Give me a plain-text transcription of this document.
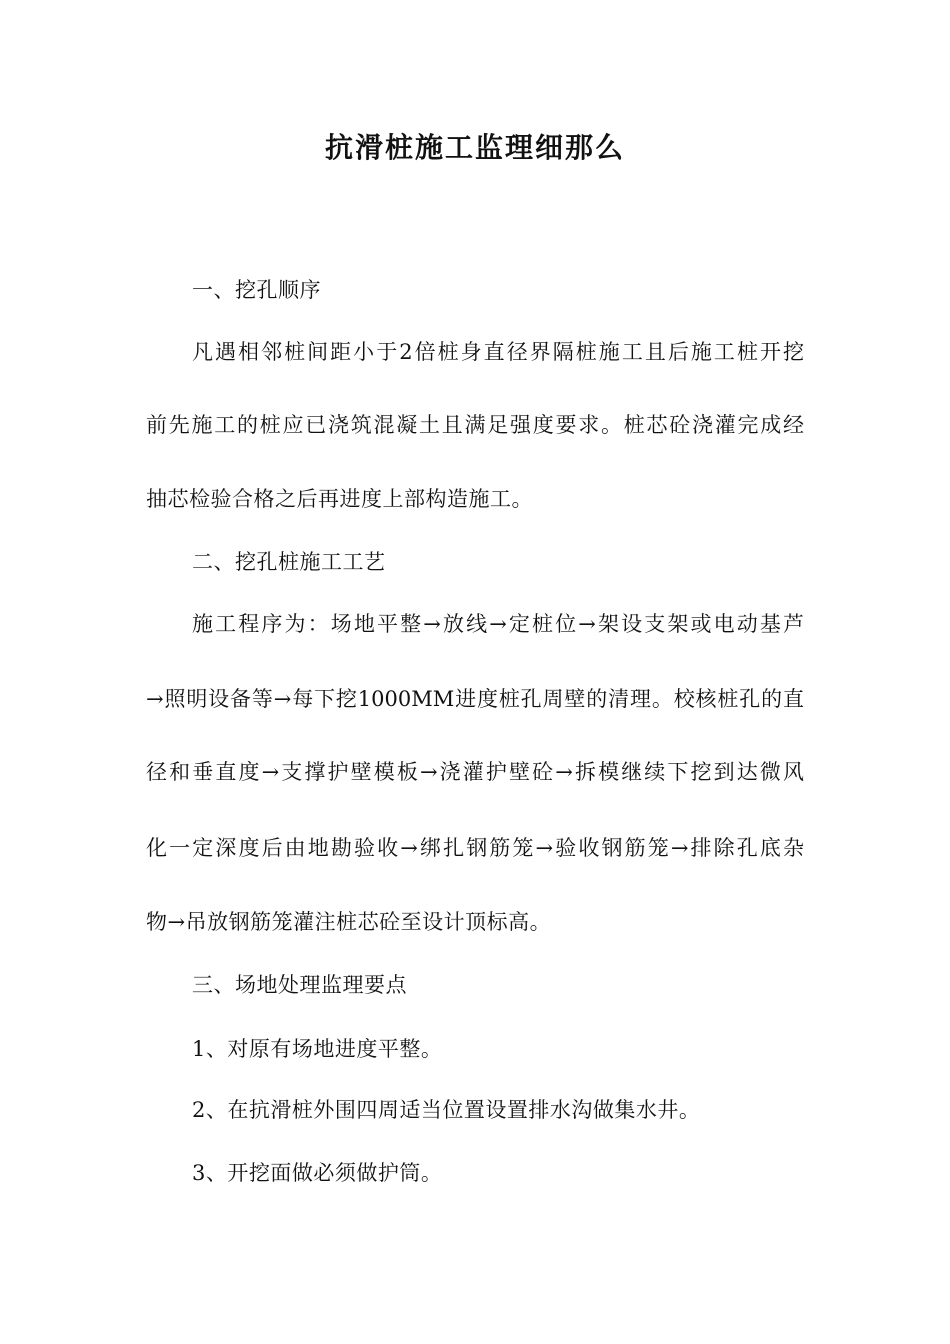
抗滑桩施工监理细那么
一、挖孔顺序
凡遇相邻桩间距小于2倍桩身直径界隔桩施工且后施工桩开挖
前先施工的桩应已浇筑混凝土且满足强度要求。桩芯砼浇灌完成经
抽芯检验合格之后再进度上部构造施工。
二、挖孔桩施工工艺
施工程序为：场地平整→放线→定桩位→架设支架或电动基芦
→照明设备等→每下挖1000MM进度桩孔周壁的清理。校核桩孔的直
径和垂直度→支撑护壁模板→浇灌护壁砼→拆模继续下挖到达微风
化一定深度后由地勘验收→绑扎钢筋笼→验收钢筋笼→排除孔底杂
物→吊放钢筋笼灌注桩芯砼至设计顶标高。
三、场地处理监理要点
1、对原有场地进度平整。
2、在抗滑桩外围四周适当位置设置排水沟做集水井。
3、开挖面做必须做护筒。
